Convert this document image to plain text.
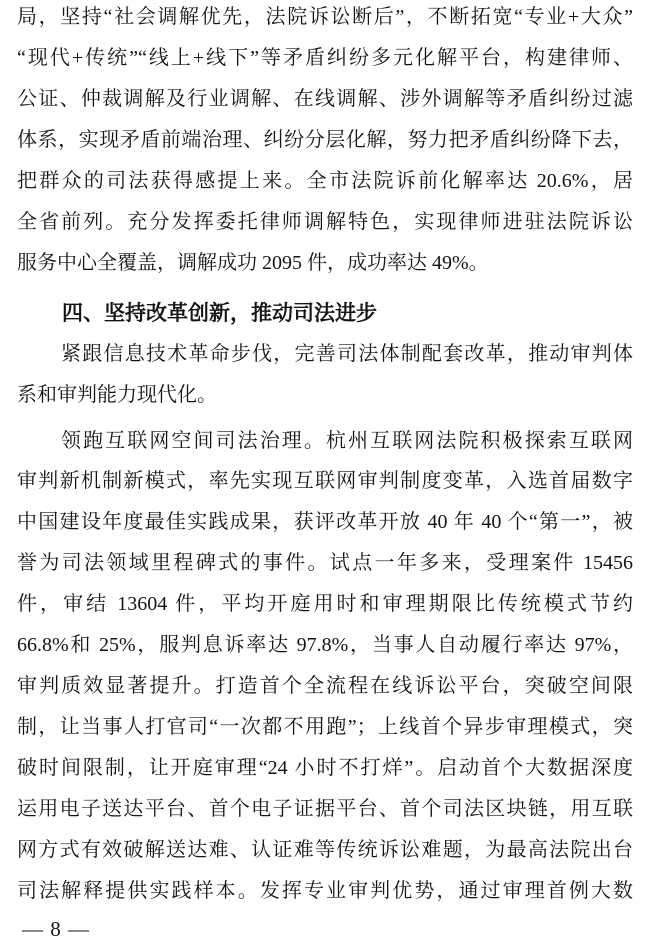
局，坚持“社会调解优先，法院诉讼断后”，不断拓宽“专业+大众”
“现代+传统”“线上+线下”等矛盾纠纷多元化解平台，构建律师、
公证、仲裁调解及行业调解、在线调解、涉外调解等矛盾纠纷过滤
体系，实现矛盾前端治理、纠纷分层化解，努力把矛盾纠纷降下去，
把群众的司法获得感提上来。全市法院诉前化解率达 20.6%，居
全省前列。充分发挥委托律师调解特色，实现律师进驻法院诉讼
服务中心全覆盖，调解成功 2095 件，成功率达 49%。
四、坚持改革创新，推动司法进步
紧跟信息技术革命步伐，完善司法体制配套改革，推动审判体
系和审判能力现代化。
领跑互联网空间司法治理。杭州互联网法院积极探索互联网
审判新机制新模式，率先实现互联网审判制度变革，入选首届数字
中国建设年度最佳实践成果，获评改革开放 40 年 40 个“第一”，被
誉为司法领域里程碑式的事件。试点一年多来，受理案件 15456
件，审结 13604 件，平均开庭用时和审理期限比传统模式节约
66.8%和 25%，服判息诉率达 97.8%，当事人自动履行率达 97%，
审判质效显著提升。打造首个全流程在线诉讼平台，突破空间限
制，让当事人打官司“一次都不用跑”；上线首个异步审理模式，突
破时间限制，让开庭审理“24 小时不打烊”。启动首个大数据深度
运用电子送达平台、首个电子证据平台、首个司法区块链，用互联
网方式有效破解送达难、认证难等传统诉讼难题，为最高法院出台
司法解释提供实践样本。发挥专业审判优势，通过审理首例大数
— 8 —
